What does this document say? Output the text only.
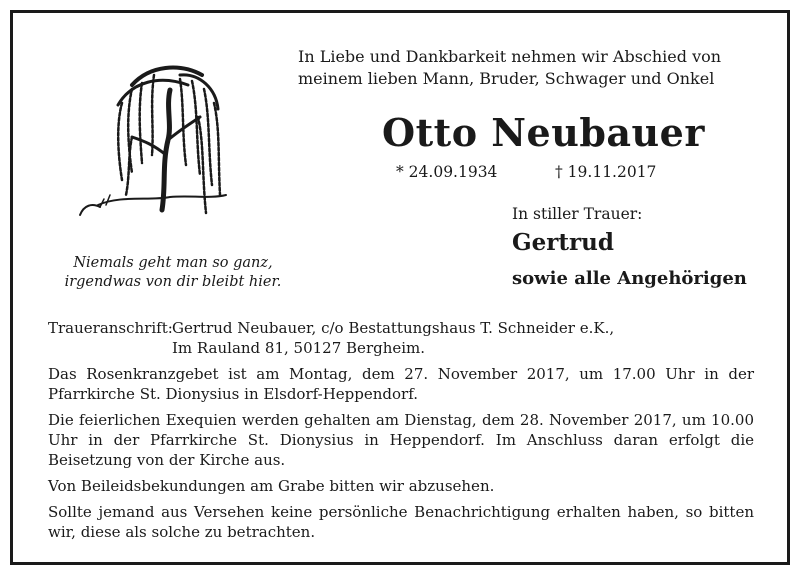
Niemals geht man so ganz,
irgendwas von dir bleibt hier.
In Liebe und Dankbarkeit nehmen wir Abschied von
meinem lieben Mann, Bruder, Schwager und Onkel
Otto Neubauer
* 24.09.1934	† 19.11.2017
In stiller Trauer:
Gertrud
sowie alle Angehörigen
Traueranschrift: Gertrud Neubauer, c/o Bestattungshaus T. Schneider e.K.,
Im Rauland 81, 50127 Bergheim.

Das Rosenkranzgebet ist am Montag, dem 27. November 2017, um 17.00 Uhr in der Pfarrkirche St. Dionysius in Elsdorf-Heppendorf.

Die feierlichen Exequien werden gehalten am Dienstag, dem 28. November 2017, um 10.00 Uhr in der Pfarrkirche St. Dionysius in Heppendorf. Im Anschluss daran erfolgt die Beisetzung von der Kirche aus.

Von Beileidsbekundungen am Grabe bitten wir abzusehen.

Sollte jemand aus Versehen keine persönliche Benachrichtigung erhalten haben, so bitten wir, diese als solche zu betrachten.
